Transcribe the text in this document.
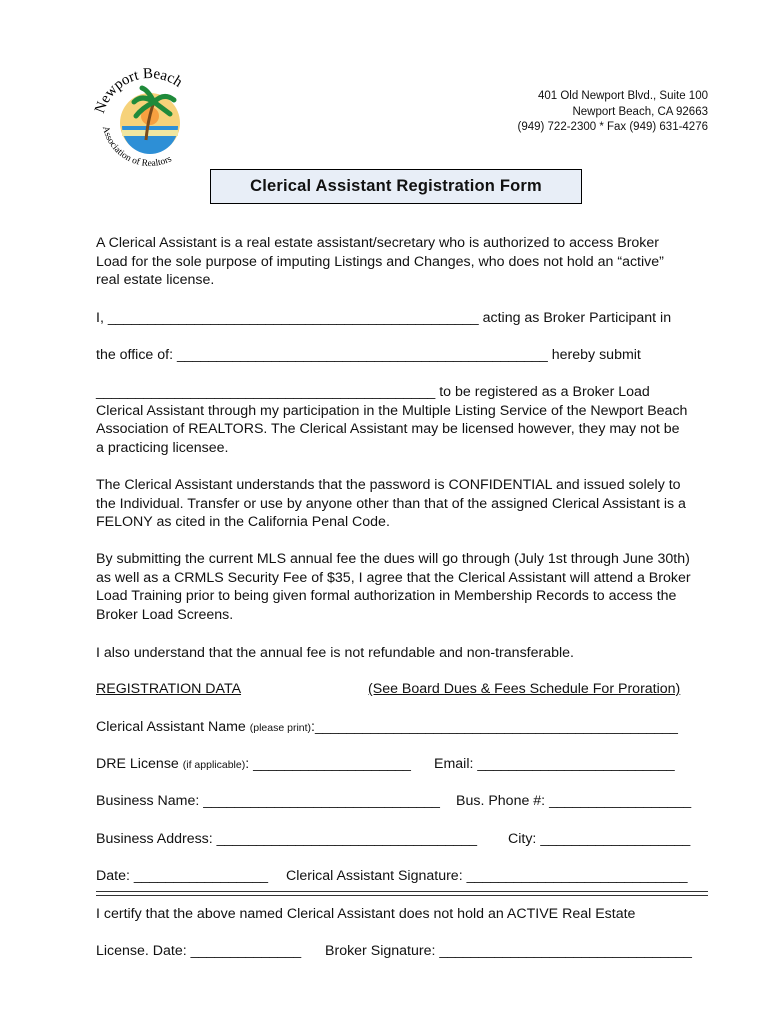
Newport Beach
Association of Realtors
401 Old Newport Blvd., Suite 100
Newport Beach, CA 92663
(949) 722-2300 * Fax (949) 631-4276
Clerical Assistant Registration Form
A Clerical Assistant is a real estate assistant/secretary who is authorized to access Broker
Load for the sole purpose of imputing Listings and Changes, who does not hold an “active”
real estate license.
I, _______________________________________________ acting as Broker Participant in
the office of: _______________________________________________ hereby submit
___________________________________________ to be registered as a Broker Load
Clerical Assistant through my participation in the Multiple Listing Service of the Newport Beach
Association of REALTORS. The Clerical Assistant may be licensed however, they may not be
a practicing licensee.
The Clerical Assistant understands that the password is CONFIDENTIAL and issued solely to
the Individual. Transfer or use by anyone other than that of the assigned Clerical Assistant is a
FELONY as cited in the California Penal Code.
By submitting the current MLS annual fee the dues will go through (July 1st through June 30th)
as well as a CRMLS Security Fee of $35, I agree that the Clerical Assistant will attend a Broker
Load Training prior to being given formal authorization in Membership Records to access the
Broker Load Screens.
I also understand that the annual fee is not refundable and non-transferable.
REGISTRATION DATA	(See Board Dues & Fees Schedule For Proration)
Clerical Assistant Name (please print):______________________________________________
DRE License (if applicable): ____________________	Email: _________________________
Business Name: ______________________________	Bus. Phone #: __________________
Business Address: _________________________________	City: ___________________
Date: _________________	Clerical Assistant Signature: ____________________________
I certify that the above named Clerical Assistant does not hold an ACTIVE Real Estate
License. Date: ______________	Broker Signature: ________________________________
